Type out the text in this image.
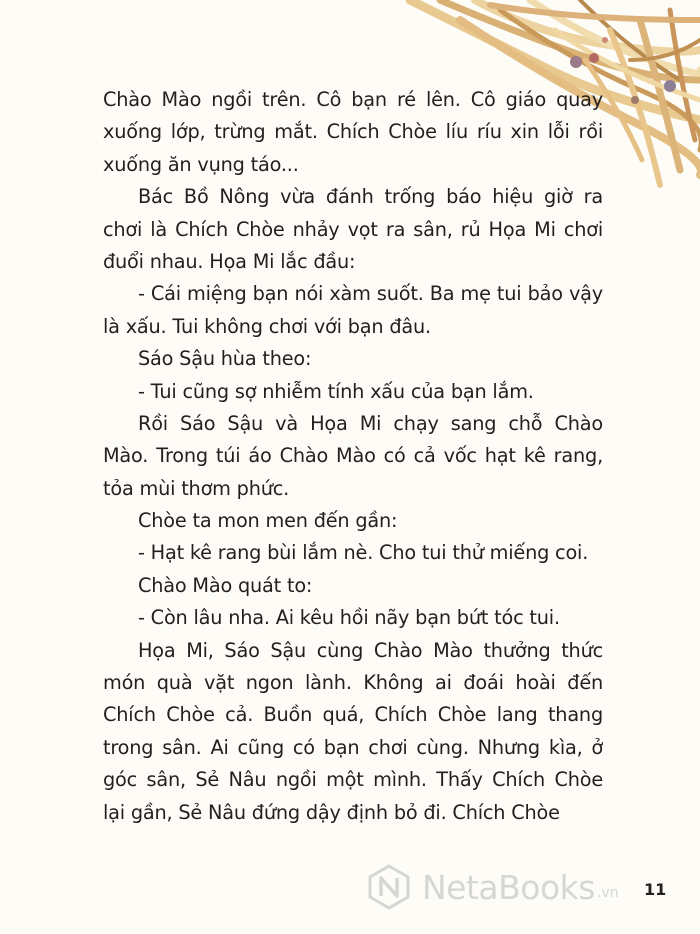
Chào Mào ngồi trên. Cô bạn ré lên. Cô giáo quay
xuống lớp, trừng mắt. Chích Chòe líu ríu xin lỗi rồi
xuống ăn vụng táo...
Bác Bồ Nông vừa đánh trống báo hiệu giờ ra
chơi là Chích Chòe nhảy vọt ra sân, rủ Họa Mi chơi
đuổi nhau. Họa Mi lắc đầu:
- Cái miệng bạn nói xàm suốt. Ba mẹ tui bảo vậy
là xấu. Tui không chơi với bạn đâu.
Sáo Sậu hùa theo:
- Tui cũng sợ nhiễm tính xấu của bạn lắm.
Rồi Sáo Sậu và Họa Mi chạy sang chỗ Chào
Mào. Trong túi áo Chào Mào có cả vốc hạt kê rang,
tỏa mùi thơm phức.
Chòe ta mon men đến gần:
- Hạt kê rang bùi lắm nè. Cho tui thử miếng coi.
Chào Mào quát to:
- Còn lâu nha. Ai kêu hồi nãy bạn bứt tóc tui.
Họa Mi, Sáo Sậu cùng Chào Mào thưởng thức
món quà vặt ngon lành. Không ai đoái hoài đến
Chích Chòe cả. Buồn quá, Chích Chòe lang thang
trong sân. Ai cũng có bạn chơi cùng. Nhưng kìa, ở
góc sân, Sẻ Nâu ngồi một mình. Thấy Chích Chòe
lại gần, Sẻ Nâu đứng dậy định bỏ đi. Chích Chòe
11
NetaBooks .vn
